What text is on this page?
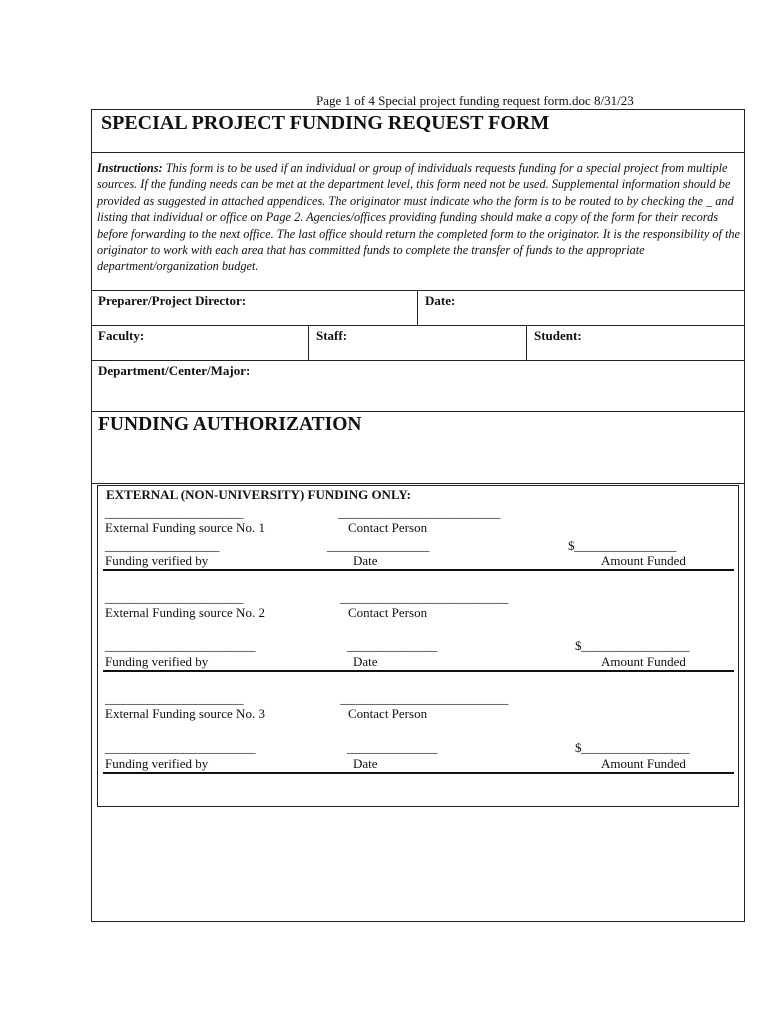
Page 1 of 4 Special project funding request form.doc 8/31/23
SPECIAL PROJECT FUNDING REQUEST FORM
Instructions: This form is to be used if an individual or group of individuals requests funding for a special project from multiple sources. If the funding needs can be met at the department level, this form need not be used. Supplemental information should be provided as suggested in attached appendices. The originator must indicate who the form is to be routed to by checking the _ and listing that individual or office on Page 2. Agencies/offices providing funding should make a copy of the form for their records before forwarding to the next office. The last office should return the completed form to the originator. It is the responsibility of the originator to work with each area that has committed funds to complete the transfer of funds to the appropriate department/organization budget.
Preparer/Project Director:	Date:
Faculty:	Staff:	Student:
Department/Center/Major:
FUNDING AUTHORIZATION
EXTERNAL (NON-UNIVERSITY) FUNDING ONLY:
_______________________	___________________________
External Funding source No. 1	Contact Person
___________________	_________________	$_________________
Funding verified by	Date	Amount Funded
_______________________	____________________________
External Funding source No. 2	Contact Person
_________________________	_______________	$__________________
Funding verified by	Date	Amount Funded
_______________________	____________________________
External Funding source No. 3	Contact Person
_________________________	_______________	$__________________
Funding verified by	Date	Amount Funded
